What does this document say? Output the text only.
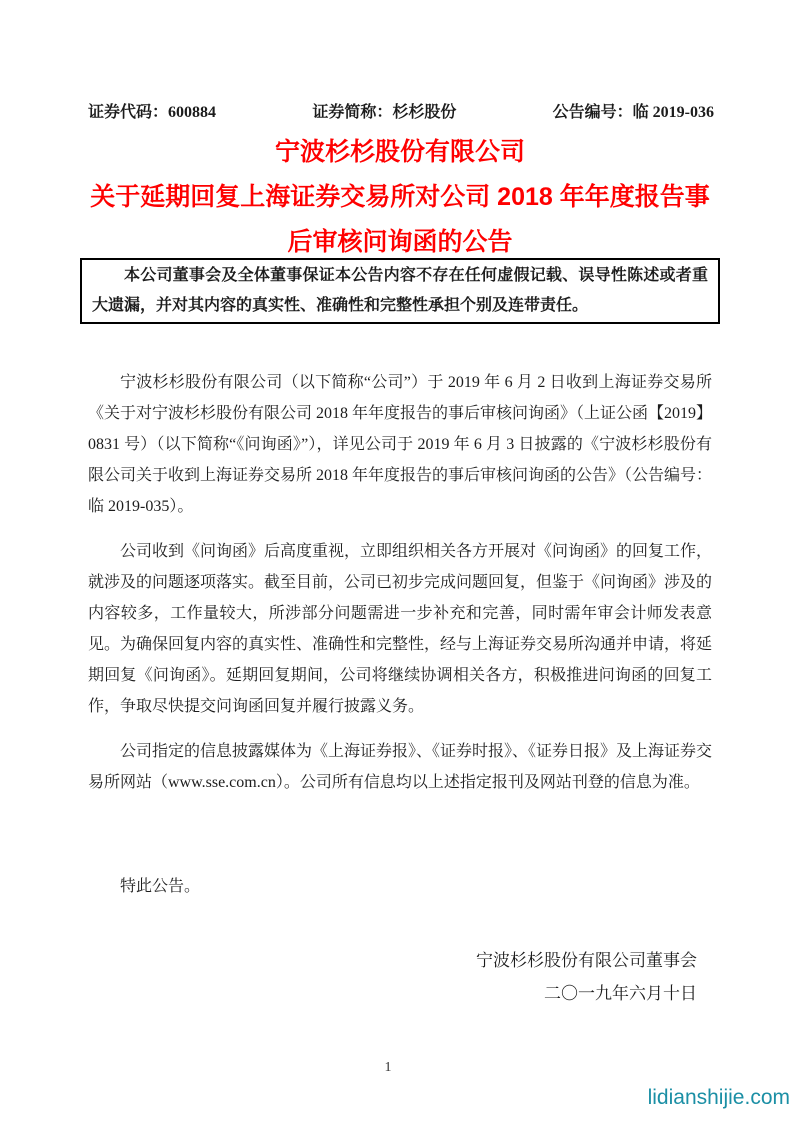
证券代码：600884	证券简称：杉杉股份	公告编号：临 2019-036
宁波杉杉股份有限公司
关于延期回复上海证券交易所对公司 2018 年年度报告事
后审核问询函的公告

本公司董事会及全体董事保证本公告内容不存在任何虚假记载、误导性陈述或者重大遗漏，并对其内容的真实性、准确性和完整性承担个别及连带责任。

宁波杉杉股份有限公司（以下简称“公司”）于 2019 年 6 月 2 日收到上海证券交易所《关于对宁波杉杉股份有限公司 2018 年年度报告的事后审核问询函》（上证公函【2019】0831 号）（以下简称“《问询函》”），详见公司于 2019 年 6 月 3 日披露的《宁波杉杉股份有限公司关于收到上海证券交易所 2018 年年度报告的事后审核问询函的公告》（公告编号：临 2019-035）。

公司收到《问询函》后高度重视，立即组织相关各方开展对《问询函》的回复工作，就涉及的问题逐项落实。截至目前，公司已初步完成问题回复，但鉴于《问询函》涉及的内容较多，工作量较大，所涉部分问题需进一步补充和完善，同时需年审会计师发表意见。为确保回复内容的真实性、准确性和完整性，经与上海证券交易所沟通并申请，将延期回复《问询函》。延期回复期间，公司将继续协调相关各方，积极推进问询函的回复工作，争取尽快提交问询函回复并履行披露义务。

公司指定的信息披露媒体为《上海证券报》、《证券时报》、《证券日报》及上海证券交易所网站（www.sse.com.cn）。公司所有信息均以上述指定报刊及网站刊登的信息为准。

特此公告。

宁波杉杉股份有限公司董事会

二〇一九年六月十日

1
lidianshijie.com
